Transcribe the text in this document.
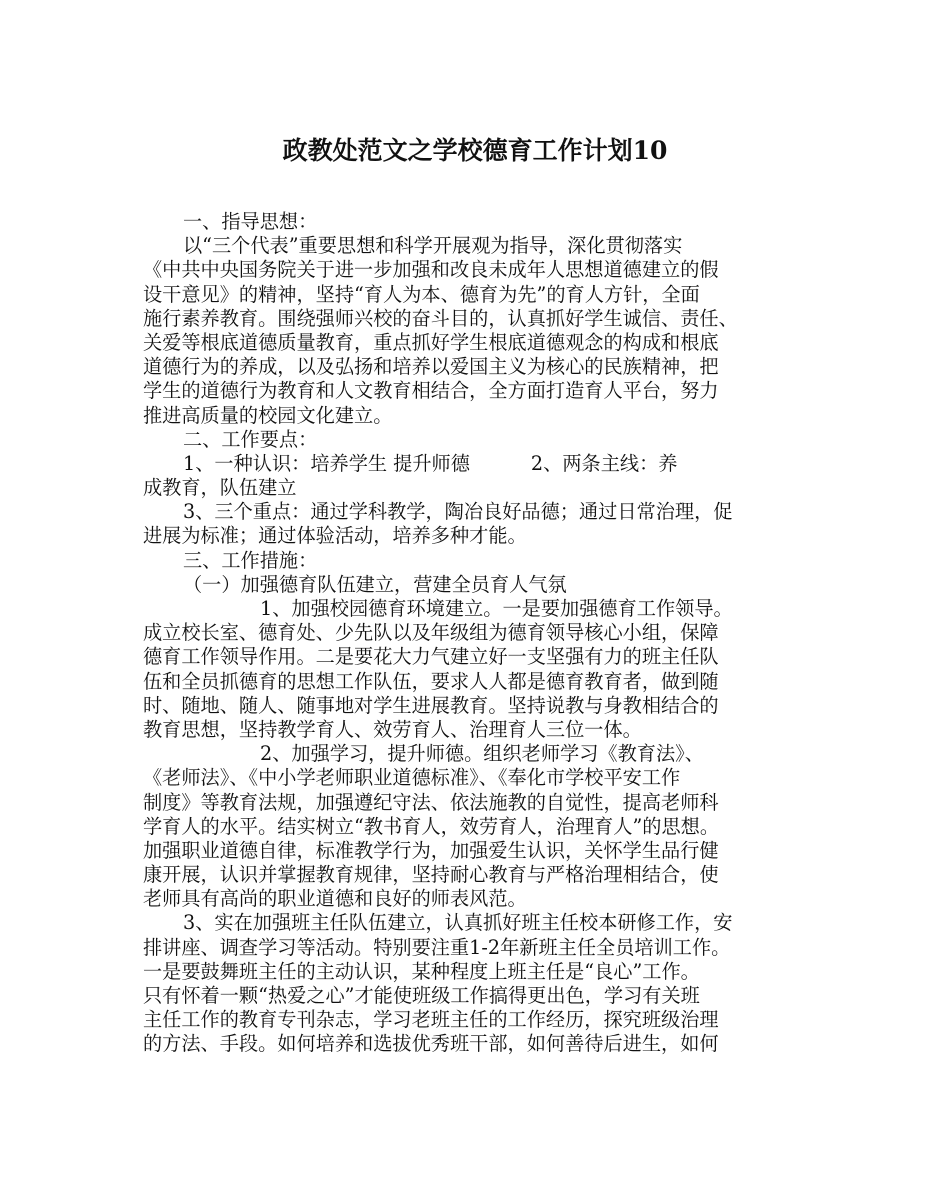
政教处范文之学校德育工作计划10
一、指导思想：
以“三个代表”重要思想和科学开展观为指导，深化贯彻落实
《中共中央国务院关于进一步加强和改良未成年人思想道德建立的假
设干意见》的精神，坚持“育人为本、德育为先”的育人方针，全面
施行素养教育。围绕强师兴校的奋斗目的，认真抓好学生诚信、责任、
关爱等根底道德质量教育，重点抓好学生根底道德观念的构成和根底
道德行为的养成，以及弘扬和培养以爱国主义为核心的民族精神，把
学生的道德行为教育和人文教育相结合，全方面打造育人平台，努力
推进高质量的校园文化建立。
二、工作要点：
1、一种认识：培养学生 提升师德          2、两条主线：养
成教育，队伍建立
3、三个重点：通过学科教学，陶冶良好品德；通过日常治理，促
进展为标准；通过体验活动，培养多种才能。
三、工作措施：
（一）加强德育队伍建立，营建全员育人气氛
1、加强校园德育环境建立。一是要加强德育工作领导。
成立校长室、德育处、少先队以及年级组为德育领导核心小组，保障
德育工作领导作用。二是要花大力气建立好一支坚强有力的班主任队
伍和全员抓德育的思想工作队伍，要求人人都是德育教育者，做到随
时、随地、随人、随事地对学生进展教育。坚持说教与身教相结合的
教育思想，坚持教学育人、效劳育人、治理育人三位一体。
2、加强学习，提升师德。组织老师学习《教育法》、
《老师法》、《中小学老师职业道德标准》、《奉化市学校平安工作
制度》等教育法规，加强遵纪守法、依法施教的自觉性，提高老师科
学育人的水平。结实树立“教书育人，效劳育人，治理育人”的思想。
加强职业道德自律，标准教学行为，加强爱生认识，关怀学生品行健
康开展，认识并掌握教育规律，坚持耐心教育与严格治理相结合，使
老师具有高尚的职业道德和良好的师表风范。
3、实在加强班主任队伍建立，认真抓好班主任校本研修工作，安
排讲座、调查学习等活动。特别要注重1-2年新班主任全员培训工作。
一是要鼓舞班主任的主动认识，某种程度上班主任是“良心”工作。
只有怀着一颗“热爱之心”才能使班级工作搞得更出色，学习有关班
主任工作的教育专刊杂志，学习老班主任的工作经历，探究班级治理
的方法、手段。如何培养和选拔优秀班干部，如何善待后进生，如何
